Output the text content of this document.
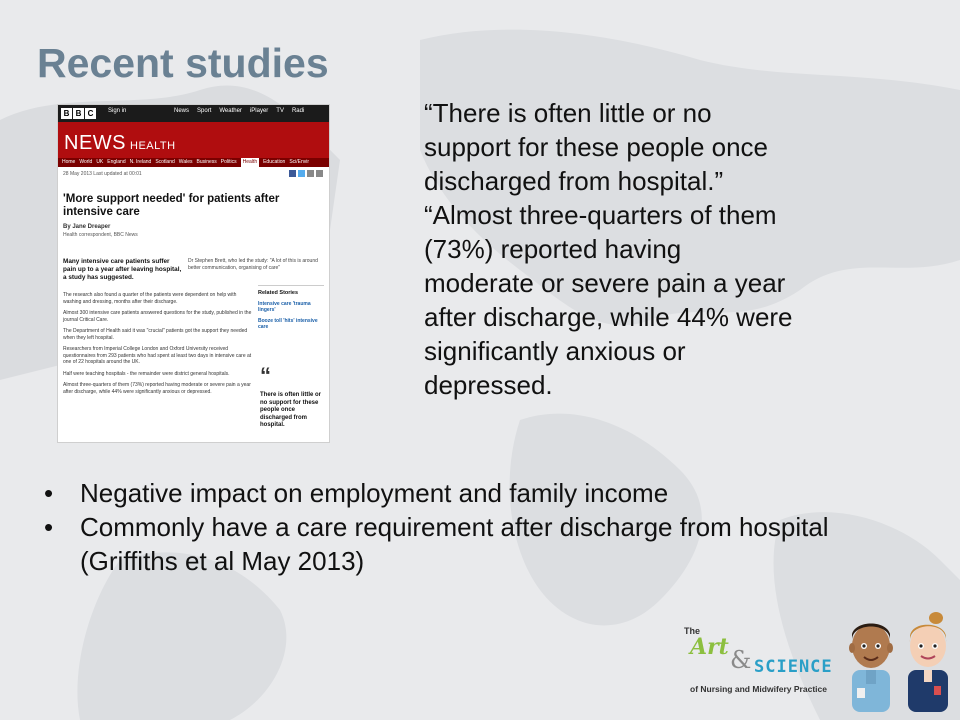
Recent studies
B B C	Sign in	News Sport Weather iPlayer TV Radi
NEWS HEALTH
Home World UK England N. Ireland Scotland Wales Business Politics	Health	Education Sci/Envir
28 May 2013 Last updated at 00:01
'More support needed' for patients after intensive care
By Jane Dreaper
Health correspondent, BBC News
Many intensive care patients suffer pain up to a year after leaving hospital, a study has suggested.
Dr Stephen Brett, who led the study: "A lot of this is around better communication, organising of care"

The research also found a quarter of the patients were dependent on help with washing and dressing, months after their discharge.

Almost 300 intensive care patients answered questions for the study, published in the journal Critical Care.

The Department of Health said it was "crucial" patients got the support they needed when they left hospital.

Researchers from Imperial College London and Oxford University received questionnaires from 293 patients who had spent at least two days in intensive care at one of 22 hospitals around the UK.

Half were teaching hospitals - the remainder were district general hospitals.

Almost three-quarters of them (73%) reported having moderate or severe pain a year after discharge, while 44% were significantly anxious or depressed.

Related Stories
Intensive care 'trauma lingers'
Booze toll 'hits' intensive care
“
There is often little or no support for these people once discharged from hospital.

“There is often little or no

support for these people once

discharged from hospital.”

“Almost three-quarters of them

(73%) reported having

moderate or severe pain a year

after discharge, while 44% were

significantly anxious or

depressed.

• Negative impact on employment and family income
• Commonly have a care requirement after discharge from hospital (Griffiths et al May 2013)
The
Art & SCIENCE
of Nursing and Midwifery Practice
